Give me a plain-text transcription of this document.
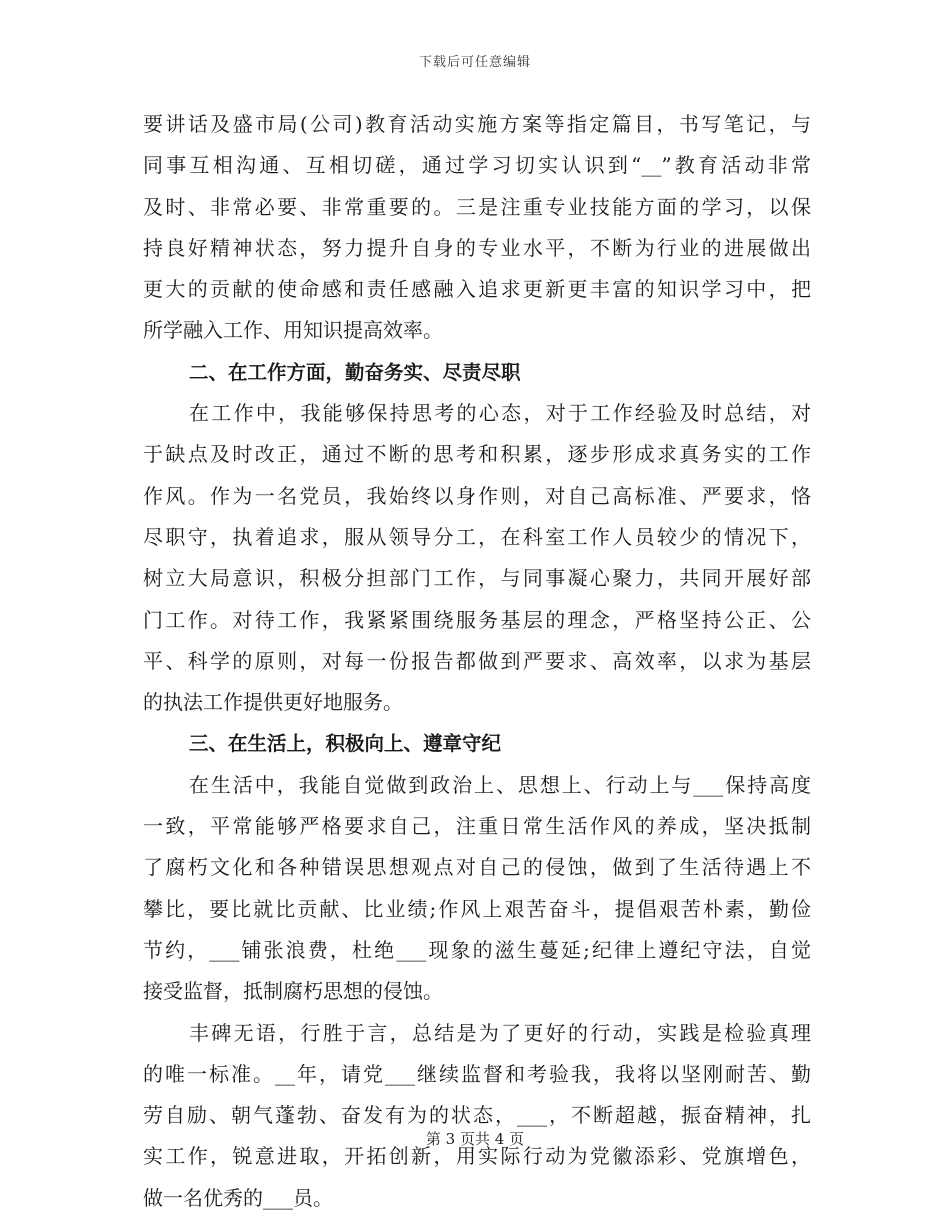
下载后可任意编辑
要讲话及盛市局(公司)教育活动实施方案等指定篇目，书写笔记，与
同事互相沟通、互相切磋，通过学习切实认识到“__”教育活动非常
及时、非常必要、非常重要的。三是注重专业技能方面的学习，以保
持良好精神状态，努力提升自身的专业水平，不断为行业的进展做出
更大的贡献的使命感和责任感融入追求更新更丰富的知识学习中，把
所学融入工作、用知识提高效率。
二、在工作方面，勤奋务实、尽责尽职
在工作中，我能够保持思考的心态，对于工作经验及时总结，对
于缺点及时改正，通过不断的思考和积累，逐步形成求真务实的工作
作风。作为一名党员，我始终以身作则，对自己高标准、严要求，恪
尽职守，执着追求，服从领导分工，在科室工作人员较少的情况下，
树立大局意识，积极分担部门工作，与同事凝心聚力，共同开展好部
门工作。对待工作，我紧紧围绕服务基层的理念，严格坚持公正、公
平、科学的原则，对每一份报告都做到严要求、高效率，以求为基层
的执法工作提供更好地服务。
三、在生活上，积极向上、遵章守纪
在生活中，我能自觉做到政治上、思想上、行动上与___保持高度
一致，平常能够严格要求自己，注重日常生活作风的养成，坚决抵制
了腐朽文化和各种错误思想观点对自己的侵蚀，做到了生活待遇上不
攀比，要比就比贡献、比业绩;作风上艰苦奋斗，提倡艰苦朴素，勤俭
节约，___铺张浪费，杜绝___现象的滋生蔓延;纪律上遵纪守法，自觉
接受监督，抵制腐朽思想的侵蚀。
丰碑无语，行胜于言，总结是为了更好的行动，实践是检验真理
的唯一标准。__年，请党___继续监督和考验我，我将以坚刚耐苦、勤
劳自励、朝气蓬勃、奋发有为的状态，___，不断超越，振奋精神，扎
实工作，锐意进取，开拓创新，用实际行动为党徽添彩、党旗增色，
做一名优秀的___员。
第 3 页共 4 页
